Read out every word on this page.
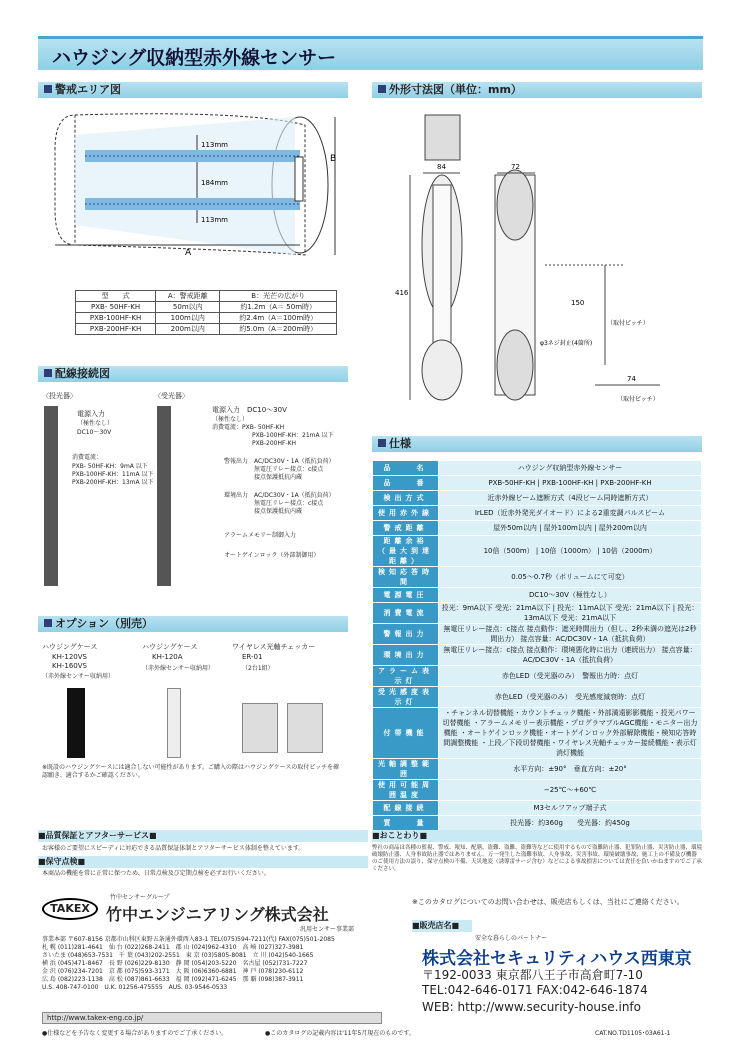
ハウジング収納型赤外線センサー
警戒エリア図	外形寸法図（単位：mm）
配線接続図
オプション（別売）
仕様
113mm
184mm
113mm
A
B
型　　式	A：警戒距離	B：光芒の広がり
PXB- 50HF-KH	50m以内	約1.2m（A＝ 50m時）
PXB-100HF-KH	100m以内	約2.4m（A＝100m時）
PXB-200HF-KH	200m以内	約5.0m（A＝200m時）
84	72
416
150
（取付ピッチ）
φ3ネジ封止(4箇所)
74
（取付ピッチ）
〈投光器〉
電源入力
（極性なし）
DC10～30V
消費電流：
PXB- 50HF-KH：9mA 以下
PXB-100HF-KH：11mA 以下
PXB-200HF-KH：13mA 以下
〈受光器〉
電源入力　DC10～30V
（極性なし）
消費電流：PXB- 50HF-KH
PXB-100HF-KH：21mA 以下
PXB-200HF-KH
警報出力　AC/DC30V・1A（抵抗負荷）
無電圧リレー接点：c接点
接点保護抵抗内蔵
環境出力　AC/DC30V・1A（抵抗負荷）
無電圧リレー接点：c接点
接点保護抵抗内蔵
アラームメモリー制御入力
オートゲインロック（外部制御用）
ハウジングケース
KH-120VS
KH-160VS
（赤外線センサー収納用）
ハウジングケース
KH-120A
（赤外線センサー収納用）
ワイヤレス光軸チェッカー
ER-01
（2台1組）
※既設のハウジングケースには適合しない可能性があります。ご購入の際はハウジングケースの取付ピッチを確認願き、適合するかご確認ください。
品　　名	ハウジング収納型赤外線センサー
品　　番	PXB-50HF-KH | PXB-100HF-KH | PXB-200HF-KH
検出方式	近赤外線ビーム遮断方式（4段ビーム同時遮断方式）
使用赤外線	IrLED（近赤外発光ダイオード）による2重変調パルスビーム
警戒距離	屋外50m以内 | 屋外100m以内 | 屋外200m以内
距離余裕（最大到達距離）	10倍（500m） | 10倍（1000m） | 10倍（2000m）
検知応答時間	0.05～0.7秒（ボリュームにて可変）
電源電圧	DC10～30V（極性なし）
消費電流	投光：9mA以下 受光：21mA以下 | 投光：11mA以下 受光：21mA以下 | 投光：13mA以下 受光：21mA以下
警報出力	無電圧リレー接点：c接点 接点動作：遮光時間出力（但し、2秒未満の遮光は2秒間出力） 接点容量：AC/DC30V・1A（抵抗負荷）
環境出力	無電圧リレー接点：c接点 接点動作：環境悪化時に出力（連続出力） 接点容量：AC/DC30V・1A（抵抗負荷）
アラーム表示灯	赤色LED（受光器のみ）　警報出力時：点灯
受光感度表示灯	赤色LED（受光器のみ）　受光感度減衰時：点灯
付帯機能	・チャンネル切替機能・カウントチェック機能・外部満遠影影機能・投光パワー切替機能 ・アラームメモリー表示機能・プログラマブルAGC機能・モニター出力機能 ・オートゲインロック機能・オートゲインロック外部解除機能・検知応答時間調整機能 ・上段／下段切替機能・ワイヤレス光軸チェッカー接続機能・表示灯消灯機能
光軸調整範囲	水平方向：±90°　垂直方向：±20°
使用可能周囲温度	−25℃～+60℃
配線接続	M3セルフアップ端子式
質　　量	投光器：約360g　　受光器：約450g
■品質保証とアフターサービス■
お客様のご要望にスピーディに対応できる品質保証体制とアフターサービス体制を整えています。
■保守点検■
本商品の機能を常に正常に保つため、日常点検及び定期点検を必ずお行いください。
TAKEX
竹中センサーグループ
竹中エンジニアリング株式会社
汎用センサー事業部
事業本部 〒607-8156 京都市山科区東野五条通外環西入83-1 TEL(075)594-7211(代) FAX(075)501-2085
札 幌 (011)281-4641　仙 台 (022)268-2411　郡 山 (024)962-4310　高 崎 (027)327-3981
さいたま (048)653-7531　千 葉 (043)202-2551　東 京 (03)5805-8081　立 川 (042)540-1665
横 浜 (045)471-8467　長 野 (026)229-8130　静 岡 (054)203-5220　名古屋 (052)731-7227
金 沢 (076)234-7201　京 都 (075)593-3171　大 阪 (06)6360-6881　神 戸 (078)230-6112
広 島 (082)223-1138　高 松 (087)861-6633　福 岡 (092)471-6245　那 覇 (098)387-3911
U.S. 408-747-0100　U.K. 01256-475555　AUS. 03-9546-0533
http://www.takex-eng.co.jp/
●仕様などを予告なく変更する場合がありますのでご了承ください。	●このカタログの記載内容は'11年5月現在のものです。
■おことわり■
弊社の商品は各種の監視、警戒、報知、配膳、盗難、盗難、盗難等などに使用するもので盗難防止器、犯罪防止器、災害防止器、環境破壊防止器、人身事故防止器ではありません。万一発生した盗難事故、人身事故、災害事故、環境破壊事故、施工上の不備及び機器のご使用方法の誤り、保守点検の不備、天災地変（誘導雷サージ含む）などによる事故損害については責任を負いかねますのでご了承ください。
※このカタログについてのお問い合わせは、販売店もしくは、当社にご連絡ください。
■販売店名■
安全な暮らしのパートナー
株式会社セキュリティハウス西東京
〒192-0033 東京都八王子市高倉町7-10
TEL:042-646-0171 FAX:042-646-1874
WEB: http://www.security-house.info
CAT.NO.TD1105･03A61-1
